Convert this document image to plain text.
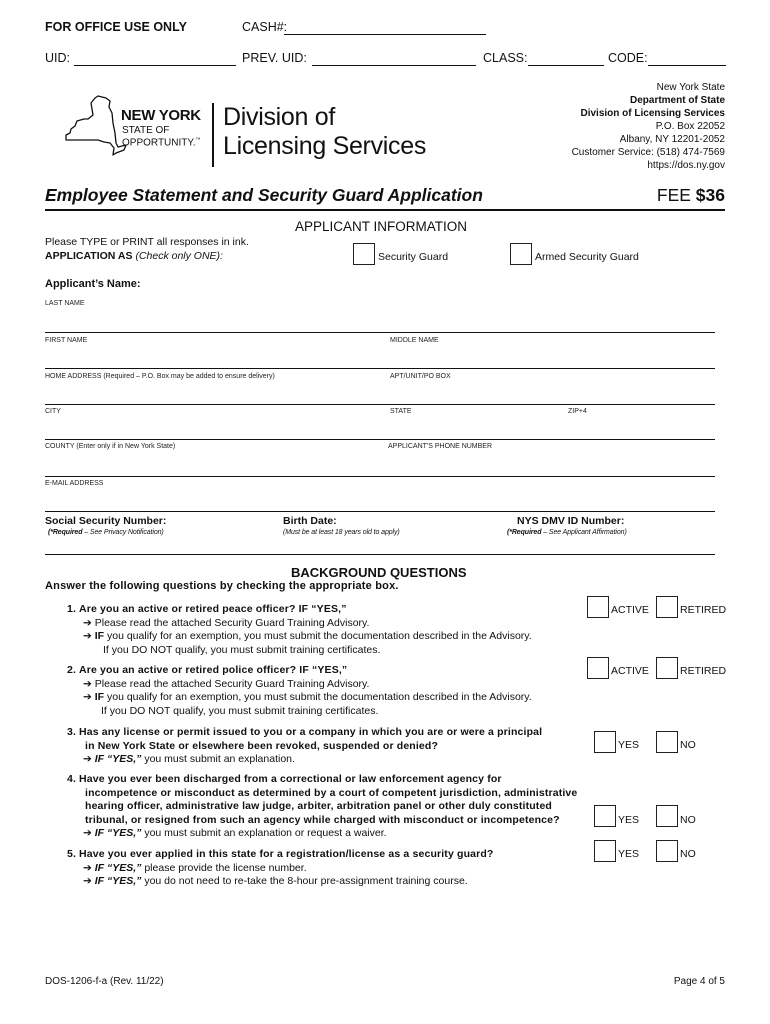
FOR OFFICE USE ONLY	CASH#:
UID:	PREV. UID:	CLASS:	CODE:
NEW YORK
STATE OF
OPPORTUNITY.™
Division of
Licensing Services
New York State
Department of State
Division of Licensing Services
P.O. Box 22052
Albany, NY 12201-2052
Customer Service: (518) 474-7569
https://dos.ny.gov
Employee Statement and Security Guard Application	FEE $36
APPLICANT INFORMATION
Please TYPE or PRINT all responses in ink.
APPLICATION AS (Check only ONE):	Security Guard	Armed Security Guard
Applicant’s Name:
LAST NAME
FIRST NAME	MIDDLE NAME
HOME ADDRESS (Required – P.O. Box may be added to ensure delivery)	APT/UNIT/PO BOX
CITY	STATE	ZIP+4
COUNTY (Enter only if in New York State)	APPLICANT'S PHONE NUMBER
E-MAIL ADDRESS
Social Security Number:
(*Required – See Privacy Notification)
Birth Date:
(Must be at least 18 years old to apply)
NYS DMV ID Number:
(*Required – See Applicant Affirmation)
BACKGROUND QUESTIONS
Answer the following questions by checking the appropriate box.
1. Are you an active or retired peace officer? IF “YES,”
➔ Please read the attached Security Guard Training Advisory.
➔ IF you qualify for an exemption, you must submit the documentation described in the Advisory.
If you DO NOT qualify, you must submit training certificates.
ACTIVE	RETIRED
2. Are you an active or retired police officer? IF “YES,”
➔ Please read the attached Security Guard Training Advisory.
➔ IF you qualify for an exemption, you must submit the documentation described in the Advisory.
If you DO NOT qualify, you must submit training certificates.
ACTIVE	RETIRED
3. Has any license or permit issued to you or a company in which you are or were a principal
in New York State or elsewhere been revoked, suspended or denied?
➔ IF “YES,” you must submit an explanation.
YES	NO
4. Have you ever been discharged from a correctional or law enforcement agency for
incompetence or misconduct as determined by a court of competent jurisdiction, administrative
hearing officer, administrative law judge, arbiter, arbitration panel or other duly constituted
tribunal, or resigned from such an agency while charged with misconduct or incompetence?
➔ IF “YES,” you must submit an explanation or request a waiver.
YES	NO
5. Have you ever applied in this state for a registration/license as a security guard?
➔ IF “YES,” please provide the license number.
➔ IF “YES,” you do not need to re-take the 8-hour pre-assignment training course.
YES	NO
DOS-1206-f-a (Rev. 11/22)	Page 4 of 5
